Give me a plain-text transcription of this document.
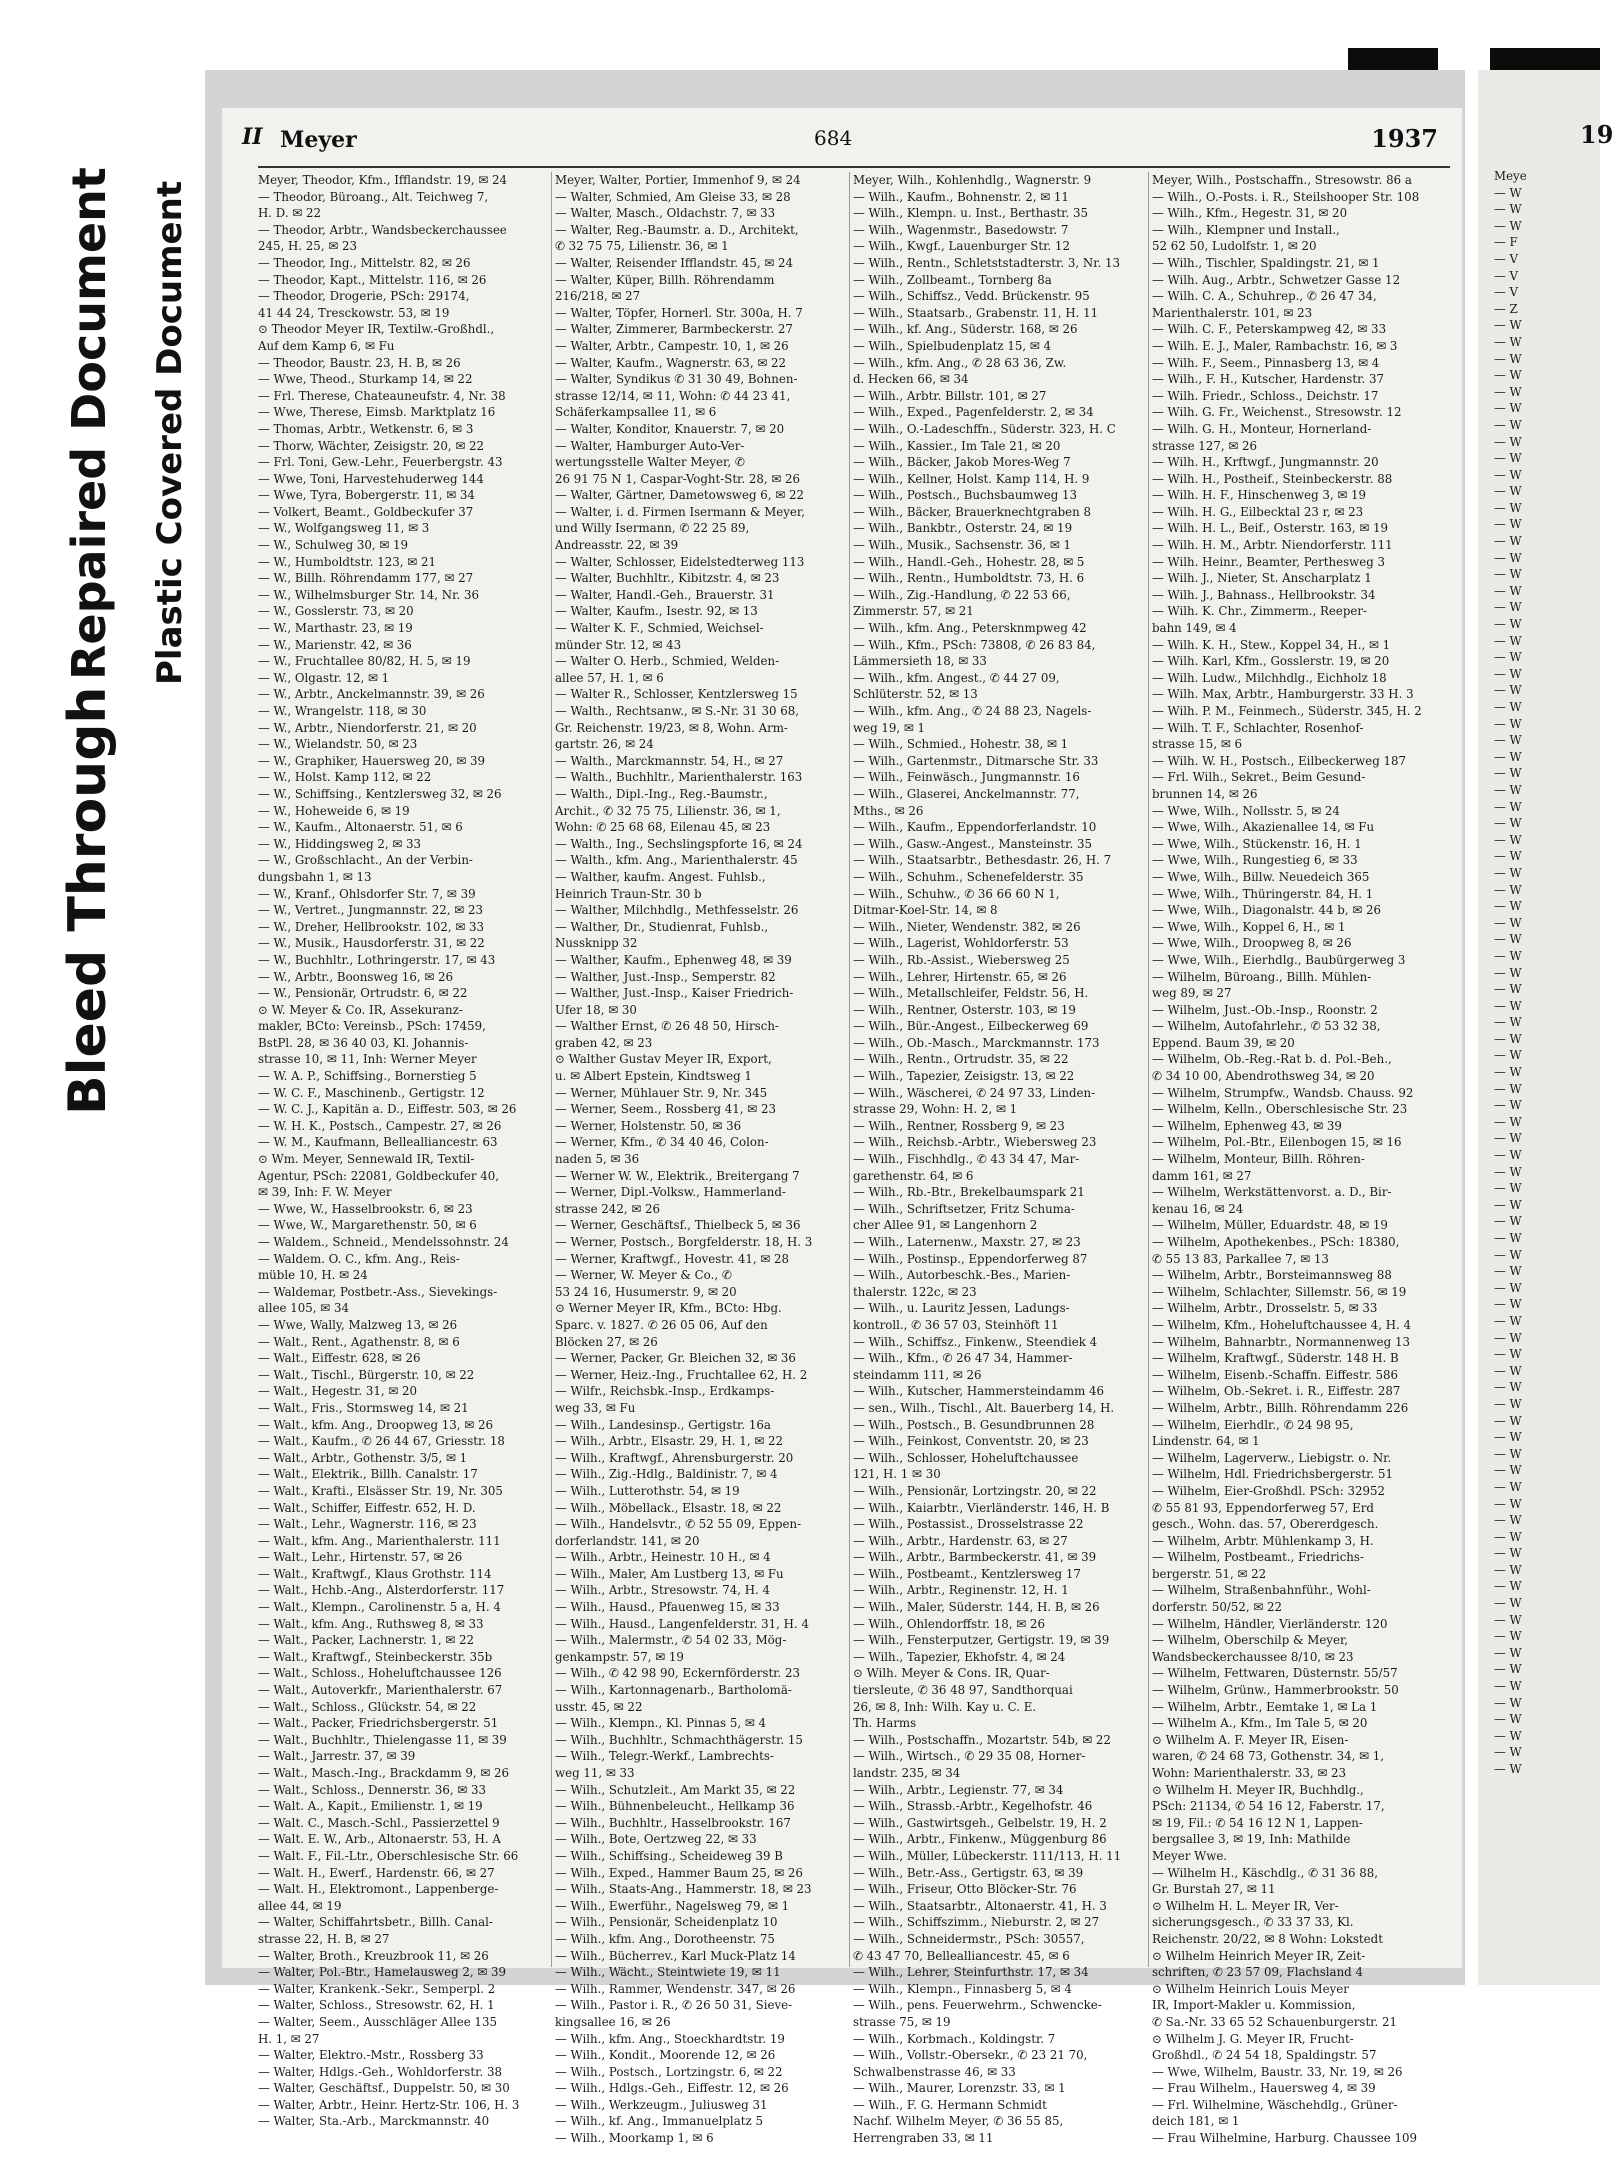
Bleed Through
Repaired Document Plastic Covered Document
19
Meye
— W
— W
— W
— F
— V
— V
— V
— Z
— W
— W
— W
— W
— W
— W
— W
— W
— W
— W
— W
— W
— W
— W
— W
— W
— W
— W
— W
— W
— W
— W
— W
— W
— W
— W
— W
— W
— W
— W
— W
— W
— W
— W
— W
— W
— W
— W
— W
— W
— W
— W
— W
— W
— W
— W
— W
— W
— W
— W
— W
— W
— W
— W
— W
— W
— W
— W
— W
— W
— W
— W
— W
— W
— W
— W
— W
— W
— W
— W
— W
— W
— W
— W
— W
— W
— W
— W
— W
— W
— W
— W
— W
— W
— W
— W
— W
— W
II Meyer	684	1937
Meyer, Theodor, Kfm., Ifflandstr. 19, ✉ 24
— Theodor, Büroang., Alt. Teichweg 7,
H. D. ✉ 22
— Theodor, Arbtr., Wandsbeckerchaussee
245, H. 25, ✉ 23
— Theodor, Ing., Mittelstr. 82, ✉ 26
— Theodor, Kapt., Mittelstr. 116, ✉ 26
— Theodor, Drogerie, PSch: 29174,
41 44 24, Tresckowstr. 53, ✉ 19
⊙ Theodor Meyer IR, Textilw.-Großhdl.,
Auf dem Kamp 6, ✉ Fu
— Theodor, Baustr. 23, H. B, ✉ 26
— Wwe, Theod., Sturkamp 14, ✉ 22
— Frl. Therese, Chateauneufstr. 4, Nr. 38
— Wwe, Therese, Eimsb. Marktplatz 16
— Thomas, Arbtr., Wetkenstr. 6, ✉ 3
— Thorw, Wächter, Zeisigstr. 20, ✉ 22
— Frl. Toni, Gew.-Lehr., Feuerbergstr. 43
— Wwe, Toni, Harvestehuderweg 144
— Wwe, Tyra, Bobergerstr. 11, ✉ 34
— Volkert, Beamt., Goldbeckufer 37
— W., Wolfgangsweg 11, ✉ 3
— W., Schulweg 30, ✉ 19
— W., Humboldtstr. 123, ✉ 21
— W., Billh. Röhrendamm 177, ✉ 27
— W., Wilhelmsburger Str. 14, Nr. 36
— W., Gosslerstr. 73, ✉ 20
— W., Marthastr. 23, ✉ 19
— W., Marienstr. 42, ✉ 36
— W., Fruchtallee 80/82, H. 5, ✉ 19
— W., Olgastr. 12, ✉ 1
— W., Arbtr., Anckelmannstr. 39, ✉ 26
— W., Wrangelstr. 118, ✉ 30
— W., Arbtr., Niendorferstr. 21, ✉ 20
— W., Wielandstr. 50, ✉ 23
— W., Graphiker, Hauersweg 20, ✉ 39
— W., Holst. Kamp 112, ✉ 22
— W., Schiffsing., Kentzlersweg 32, ✉ 26
— W., Hoheweide 6, ✉ 19
— W., Kaufm., Altonaerstr. 51, ✉ 6
— W., Hiddingsweg 2, ✉ 33
— W., Großschlacht., An der Verbin-
dungsbahn 1, ✉ 13
— W., Kranf., Ohlsdorfer Str. 7, ✉ 39
— W., Vertret., Jungmannstr. 22, ✉ 23
— W., Dreher, Hellbrookstr. 102, ✉ 33
— W., Musik., Hausdorferstr. 31, ✉ 22
— W., Buchhltr., Lothringerstr. 17, ✉ 43
— W., Arbtr., Boonsweg 16, ✉ 26
— W., Pensionär, Ortrudstr. 6, ✉ 22
⊙ W. Meyer & Co. IR, Assekuranz-
makler, BCto: Vereinsb., PSch: 17459,
BstPl. 28, ✉ 36 40 03, Kl. Johannis-
strasse 10, ✉ 11, Inh: Werner Meyer
— W. A. P., Schiffsing., Bornerstieg 5
— W. C. F., Maschinenb., Gertigstr. 12
— W. C. J., Kapitän a. D., Eiffestr. 503, ✉ 26
— W. H. K., Postsch., Campestr. 27, ✉ 26
— W. M., Kaufmann, Bellealliancestr. 63
⊙ Wm. Meyer, Sennewald IR, Textil-
Agentur, PSch: 22081, Goldbeckufer 40,
✉ 39, Inh: F. W. Meyer
— Wwe, W., Hasselbrookstr. 6, ✉ 23
— Wwe, W., Margarethenstr. 50, ✉ 6
— Waldem., Schneid., Mendelssohnstr. 24
— Waldem. O. C., kfm. Ang., Reis-
müble 10, H. ✉ 24
— Waldemar, Postbetr.-Ass., Sievekings-
allee 105, ✉ 34
— Wwe, Wally, Malzweg 13, ✉ 26
— Walt., Rent., Agathenstr. 8, ✉ 6
— Walt., Eiffestr. 628, ✉ 26
— Walt., Tischl., Bürgerstr. 10, ✉ 22
— Walt., Hegestr. 31, ✉ 20
— Walt., Fris., Stormsweg 14, ✉ 21
— Walt., kfm. Ang., Droopweg 13, ✉ 26
— Walt., Kaufm., ✆ 26 44 67, Griesstr. 18
— Walt., Arbtr., Gothenstr. 3/5, ✉ 1
— Walt., Elektrik., Billh. Canalstr. 17
— Walt., Krafti., Elsässer Str. 19, Nr. 305
— Walt., Schiffer, Eiffestr. 652, H. D.
— Walt., Lehr., Wagnerstr. 116, ✉ 23
— Walt., kfm. Ang., Marienthalerstr. 111
— Walt., Lehr., Hirtenstr. 57, ✉ 26
— Walt., Kraftwgf., Klaus Grothstr. 114
— Walt., Hchb.-Ang., Alsterdorferstr. 117
— Walt., Klempn., Carolinenstr. 5 a, H. 4
— Walt., kfm. Ang., Ruthsweg 8, ✉ 33
— Walt., Packer, Lachnerstr. 1, ✉ 22
— Walt., Kraftwgf., Steinbeckerstr. 35b
— Walt., Schloss., Hoheluftchaussee 126
— Walt., Autoverkfr., Marienthalerstr. 67
— Walt., Schloss., Glückstr. 54, ✉ 22
— Walt., Packer, Friedrichsbergerstr. 51
— Walt., Buchhltr., Thielengasse 11, ✉ 39
— Walt., Jarrestr. 37, ✉ 39
— Walt., Masch.-Ing., Brackdamm 9, ✉ 26
— Walt., Schloss., Dennerstr. 36, ✉ 33
— Walt. A., Kapit., Emilienstr. 1, ✉ 19
— Walt. C., Masch.-Schl., Passierzettel 9
— Walt. E. W., Arb., Altonaerstr. 53, H. A
— Walt. F., Fil.-Ltr., Oberschlesische Str. 66
— Walt. H., Ewerf., Hardenstr. 66, ✉ 27
— Walt. H., Elektromont., Lappenberge-
allee 44, ✉ 19
— Walter, Schiffahrtsbetr., Billh. Canal-
strasse 22, H. B, ✉ 27
— Walter, Broth., Kreuzbrook 11, ✉ 26
— Walter, Pol.-Btr., Hamelausweg 2, ✉ 39
— Walter, Krankenk.-Sekr., Semperpl. 2
— Walter, Schloss., Stresowstr. 62, H. 1
— Walter, Seem., Ausschläger Allee 135
H. 1, ✉ 27
— Walter, Elektro.-Mstr., Rossberg 33
— Walter, Hdlgs.-Geh., Wohldorferstr. 38
— Walter, Geschäftsf., Duppelstr. 50, ✉ 30
— Walter, Arbtr., Heinr. Hertz-Str. 106, H. 3
— Walter, Sta.-Arb., Marckmannstr. 40
Meyer, Walter, Portier, Immenhof 9, ✉ 24
— Walter, Schmied, Am Gleise 33, ✉ 28
— Walter, Masch., Oldachstr. 7, ✉ 33
— Walter, Reg.-Baumstr. a. D., Architekt,
✆ 32 75 75, Lilienstr. 36, ✉ 1
— Walter, Reisender Ifflandstr. 45, ✉ 24
— Walter, Küper, Billh. Röhrendamm
216/218, ✉ 27
— Walter, Töpfer, Hornerl. Str. 300a, H. 7
— Walter, Zimmerer, Barmbeckerstr. 27
— Walter, Arbtr., Campestr. 10, 1, ✉ 26
— Walter, Kaufm., Wagnerstr. 63, ✉ 22
— Walter, Syndikus ✆ 31 30 49, Bohnen-
strasse 12/14, ✉ 11, Wohn: ✆ 44 23 41,
Schäferkampsallee 11, ✉ 6
— Walter, Konditor, Knauerstr. 7, ✉ 20
— Walter, Hamburger Auto-Ver-
wertungsstelle Walter Meyer, ✆
26 91 75 N 1, Caspar-Voght-Str. 28, ✉ 26
— Walter, Gärtner, Dametowsweg 6, ✉ 22
— Walter, i. d. Firmen Isermann & Meyer,
und Willy Isermann, ✆ 22 25 89,
Andreasstr. 22, ✉ 39
— Walter, Schlosser, Eidelstedterweg 113
— Walter, Buchhltr., Kibitzstr. 4, ✉ 23
— Walter, Handl.-Geh., Brauerstr. 31
— Walter, Kaufm., Isestr. 92, ✉ 13
— Walter K. F., Schmied, Weichsel-
münder Str. 12, ✉ 43
— Walter O. Herb., Schmied, Welden-
allee 57, H. 1, ✉ 6
— Walter R., Schlosser, Kentzlersweg 15
— Walth., Rechtsanw., ✉ S.-Nr. 31 30 68,
Gr. Reichenstr. 19/23, ✉ 8, Wohn. Arm-
gartstr. 26, ✉ 24
— Walth., Marckmannstr. 54, H., ✉ 27
— Walth., Buchhltr., Marienthalerstr. 163
— Walth., Dipl.-Ing., Reg.-Baumstr.,
Archit., ✆ 32 75 75, Lilienstr. 36, ✉ 1,
Wohn: ✆ 25 68 68, Eilenau 45, ✉ 23
— Walth., Ing., Sechslingspforte 16, ✉ 24
— Walth., kfm. Ang., Marienthalerstr. 45
— Walther, kaufm. Angest. Fuhlsb.,
Heinrich Traun-Str. 30 b
— Walther, Milchhdlg., Methfesselstr. 26
— Walther, Dr., Studienrat, Fuhlsb.,
Nussknipp 32
— Walther, Kaufm., Ephenweg 48, ✉ 39
— Walther, Just.-Insp., Semperstr. 82
— Walther, Just.-Insp., Kaiser Friedrich-
Ufer 18, ✉ 30
— Walther Ernst, ✆ 26 48 50, Hirsch-
graben 42, ✉ 23
⊙ Walther Gustav Meyer IR, Export,
u. ✉ Albert Epstein, Kindtsweg 1
— Werner, Mühlauer Str. 9, Nr. 345
— Werner, Seem., Rossberg 41, ✉ 23
— Werner, Holstenstr. 50, ✉ 36
— Werner, Kfm., ✆ 34 40 46, Colon-
naden 5, ✉ 36
— Werner W. W., Elektrik., Breitergang 7
— Werner, Dipl.-Volksw., Hammerland-
strasse 242, ✉ 26
— Werner, Geschäftsf., Thielbeck 5, ✉ 36
— Werner, Postsch., Borgfelderstr. 18, H. 3
— Werner, Kraftwgf., Hovestr. 41, ✉ 28
— Werner, W. Meyer & Co., ✆
53 24 16, Husumerstr. 9, ✉ 20
⊙ Werner Meyer IR, Kfm., BCto: Hbg.
Sparc. v. 1827. ✆ 26 05 06, Auf den
Blöcken 27, ✉ 26
— Werner, Packer, Gr. Bleichen 32, ✉ 36
— Werner, Heiz.-Ing., Fruchtallee 62, H. 2
— Wilfr., Reichsbk.-Insp., Erdkamps-
weg 33, ✉ Fu
— Wilh., Landesinsp., Gertigstr. 16a
— Wilh., Arbtr., Elsastr. 29, H. 1, ✉ 22
— Wilh., Kraftwgf., Ahrensburgerstr. 20
— Wilh., Zig.-Hdlg., Baldinistr. 7, ✉ 4
— Wilh., Lutterothstr. 54, ✉ 19
— Wilh., Möbellack., Elsastr. 18, ✉ 22
— Wilh., Handelsvtr., ✆ 52 55 09, Eppen-
dorferlandstr. 141, ✉ 20
— Wilh., Arbtr., Heinestr. 10 H., ✉ 4
— Wilh., Maler, Am Lustberg 13, ✉ Fu
— Wilh., Arbtr., Stresowstr. 74, H. 4
— Wilh., Hausd., Pfauenweg 15, ✉ 33
— Wilh., Hausd., Langenfelderstr. 31, H. 4
— Wilh., Malermstr., ✆ 54 02 33, Mög-
genkampstr. 57, ✉ 19
— Wilh., ✆ 42 98 90, Eckernförderstr. 23
— Wilh., Kartonnagenarb., Bartholomä-
usstr. 45, ✉ 22
— Wilh., Klempn., Kl. Pinnas 5, ✉ 4
— Wilh., Buchhltr., Schmachthägerstr. 15
— Wilh., Telegr.-Werkf., Lambrechts-
weg 11, ✉ 33
— Wilh., Schutzleit., Am Markt 35, ✉ 22
— Wilh., Bühnenbeleucht., Hellkamp 36
— Wilh., Buchhltr., Hasselbrookstr. 167
— Wilh., Bote, Oertzweg 22, ✉ 33
— Wilh., Schiffsing., Scheideweg 39 B
— Wilh., Exped., Hammer Baum 25, ✉ 26
— Wilh., Staats-Ang., Hammerstr. 18, ✉ 23
— Wilh., Ewerführ., Nagelsweg 79, ✉ 1
— Wilh., Pensionär, Scheidenplatz 10
— Wilh., kfm. Ang., Dorotheenstr. 75
— Wilh., Bücherrev., Karl Muck-Platz 14
— Wilh., Wächt., Steintwiete 19, ✉ 11
— Wilh., Rammer, Wendenstr. 347, ✉ 26
— Wilh., Pastor i. R., ✆ 26 50 31, Sieve-
kingsallee 16, ✉ 26
— Wilh., kfm. Ang., Stoeckhardtstr. 19
— Wilh., Kondit., Moorende 12, ✉ 26
— Wilh., Postsch., Lortzingstr. 6, ✉ 22
— Wilh., Hdlgs.-Geh., Eiffestr. 12, ✉ 26
— Wilh., Werkzeugm., Juliusweg 31
— Wilh., kf. Ang., Immanuelplatz 5
— Wilh., Moorkamp 1, ✉ 6
Meyer, Wilh., Kohlenhdlg., Wagnerstr. 9
— Wilh., Kaufm., Bohnenstr. 2, ✉ 11
— Wilh., Klempn. u. Inst., Berthastr. 35
— Wilh., Wagenmstr., Basedowstr. 7
— Wilh., Kwgf., Lauenburger Str. 12
— Wilh., Rentn., Schletststadterstr. 3, Nr. 13
— Wilh., Zollbeamt., Tornberg 8a
— Wilh., Schiffsz., Vedd. Brückenstr. 95
— Wilh., Staatsarb., Grabenstr. 11, H. 11
— Wilh., kf. Ang., Süderstr. 168, ✉ 26
— Wilh., Spielbudenplatz 15, ✉ 4
— Wilh., kfm. Ang., ✆ 28 63 36, Zw.
d. Hecken 66, ✉ 34
— Wilh., Arbtr. Billstr. 101, ✉ 27
— Wilh., Exped., Pagenfelderstr. 2, ✉ 34
— Wilh., O.-Ladeschffn., Süderstr. 323, H. C
— Wilh., Kassier., Im Tale 21, ✉ 20
— Wilh., Bäcker, Jakob Mores-Weg 7
— Wilh., Kellner, Holst. Kamp 114, H. 9
— Wilh., Postsch., Buchsbaumweg 13
— Wilh., Bäcker, Brauerknechtgraben 8
— Wilh., Bankbtr., Osterstr. 24, ✉ 19
— Wilh., Musik., Sachsenstr. 36, ✉ 1
— Wilh., Handl.-Geh., Hohestr. 28, ✉ 5
— Wilh., Rentn., Humboldtstr. 73, H. 6
— Wilh., Zig.-Handlung, ✆ 22 53 66,
Zimmerstr. 57, ✉ 21
— Wilh., kfm. Ang., Petersknmpweg 42
— Wilh., Kfm., PSch: 73808, ✆ 26 83 84,
Lämmersieth 18, ✉ 33
— Wilh., kfm. Angest., ✆ 44 27 09,
Schlüterstr. 52, ✉ 13
— Wilh., kfm. Ang., ✆ 24 88 23, Nagels-
weg 19, ✉ 1
— Wilh., Schmied., Hohestr. 38, ✉ 1
— Wilh., Gartenmstr., Ditmarsche Str. 33
— Wilh., Feinwäsch., Jungmannstr. 16
— Wilh., Glaserei, Anckelmannstr. 77,
Mths., ✉ 26
— Wilh., Kaufm., Eppendorferlandstr. 10
— Wilh., Gasw.-Angest., Mansteinstr. 35
— Wilh., Staatsarbtr., Bethesdastr. 26, H. 7
— Wilh., Schuhm., Schenefelderstr. 35
— Wilh., Schuhw., ✆ 36 66 60 N 1,
Ditmar-Koel-Str. 14, ✉ 8
— Wilh., Nieter, Wendenstr. 382, ✉ 26
— Wilh., Lagerist, Wohldorferstr. 53
— Wilh., Rb.-Assist., Wiebersweg 25
— Wilh., Lehrer, Hirtenstr. 65, ✉ 26
— Wilh., Metallschleifer, Feldstr. 56, H.
— Wilh., Rentner, Osterstr. 103, ✉ 19
— Wilh., Bür.-Angest., Eilbeckerweg 69
— Wilh., Ob.-Masch., Marckmannstr. 173
— Wilh., Rentn., Ortrudstr. 35, ✉ 22
— Wilh., Tapezier, Zeisigstr. 13, ✉ 22
— Wilh., Wäscherei, ✆ 24 97 33, Linden-
strasse 29, Wohn: H. 2, ✉ 1
— Wilh., Rentner, Rossberg 9, ✉ 23
— Wilh., Reichsb.-Arbtr., Wiebersweg 23
— Wilh., Fischhdlg., ✆ 43 34 47, Mar-
garethenstr. 64, ✉ 6
— Wilh., Rb.-Btr., Brekelbaumspark 21
— Wilh., Schriftsetzer, Fritz Schuma-
cher Allee 91, ✉ Langenhorn 2
— Wilh., Laternenw., Maxstr. 27, ✉ 23
— Wilh., Postinsp., Eppendorferweg 87
— Wilh., Autorbeschk.-Bes., Marien-
thalerstr. 122c, ✉ 23
— Wilh., u. Lauritz Jessen, Ladungs-
kontroll., ✆ 36 57 03, Steinhöft 11
— Wilh., Schiffsz., Finkenw., Steendiek 4
— Wilh., Kfm., ✆ 26 47 34, Hammer-
steindamm 111, ✉ 26
— Wilh., Kutscher, Hammersteindamm 46
— sen., Wilh., Tischl., Alt. Bauerberg 14, H.
— Wilh., Postsch., B. Gesundbrunnen 28
— Wilh., Feinkost, Conventstr. 20, ✉ 23
— Wilh., Schlosser, Hoheluftchaussee
121, H. 1 ✉ 30
— Wilh., Pensionär, Lortzingstr. 20, ✉ 22
— Wilh., Kaiarbtr., Vierländerstr. 146, H. B
— Wilh., Postassist., Drosselstrasse 22
— Wilh., Arbtr., Hardenstr. 63, ✉ 27
— Wilh., Arbtr., Barmbeckerstr. 41, ✉ 39
— Wilh., Postbeamt., Kentzlersweg 17
— Wilh., Arbtr., Reginenstr. 12, H. 1
— Wilh., Maler, Süderstr. 144, H. B, ✉ 26
— Wilh., Ohlendorffstr. 18, ✉ 26
— Wilh., Fensterputzer, Gertigstr. 19, ✉ 39
— Wilh., Tapezier, Ekhofstr. 4, ✉ 24
⊙ Wilh. Meyer & Cons. IR, Quar-
tiersleute, ✆ 36 48 97, Sandthorquai
26, ✉ 8, Inh: Wilh. Kay u. C. E.
Th. Harms
— Wilh., Postschaffn., Mozartstr. 54b, ✉ 22
— Wilh., Wirtsch., ✆ 29 35 08, Horner-
landstr. 235, ✉ 34
— Wilh., Arbtr., Legienstr. 77, ✉ 34
— Wilh., Strassb.-Arbtr., Kegelhofstr. 46
— Wilh., Gastwirtsgeh., Gelbelstr. 19, H. 2
— Wilh., Arbtr., Finkenw., Müggenburg 86
— Wilh., Müller, Lübeckerstr. 111/113, H. 11
— Wilh., Betr.-Ass., Gertigstr. 63, ✉ 39
— Wilh., Friseur, Otto Blöcker-Str. 76
— Wilh., Staatsarbtr., Altonaerstr. 41, H. 3
— Wilh., Schiffszimm., Nieburstr. 2, ✉ 27
— Wilh., Schneidermstr., PSch: 30557,
✆ 43 47 70, Bellealliancestr. 45, ✉ 6
— Wilh., Lehrer, Steinfurthstr. 17, ✉ 34
— Wilh., Klempn., Finnasberg 5, ✉ 4
— Wilh., pens. Feuerwehrm., Schwencke-
strasse 75, ✉ 19
— Wilh., Korbmach., Koldingstr. 7
— Wilh., Vollstr.-Obersekr., ✆ 23 21 70,
Schwalbenstrasse 46, ✉ 33
— Wilh., Maurer, Lorenzstr. 33, ✉ 1
— Wilh., F. G. Hermann Schmidt
Nachf. Wilhelm Meyer, ✆ 36 55 85,
Herrengraben 33, ✉ 11
Meyer, Wilh., Postschaffn., Stresowstr. 86 a
— Wilh., O.-Posts. i. R., Steilshooper Str. 108
— Wilh., Kfm., Hegestr. 31, ✉ 20
— Wilh., Klempner und Install.,
52 62 50, Ludolfstr. 1, ✉ 20
— Wilh., Tischler, Spaldingstr. 21, ✉ 1
— Wilh. Aug., Arbtr., Schwetzer Gasse 12
— Wilh. C. A., Schuhrep., ✆ 26 47 34,
Marienthalerstr. 101, ✉ 23
— Wilh. C. F., Peterskampweg 42, ✉ 33
— Wilh. E. J., Maler, Rambachstr. 16, ✉ 3
— Wilh. F., Seem., Pinnasberg 13, ✉ 4
— Wilh., F. H., Kutscher, Hardenstr. 37
— Wilh. Friedr., Schloss., Deichstr. 17
— Wilh. G. Fr., Weichenst., Stresowstr. 12
— Wilh. G. H., Monteur, Hornerland-
strasse 127, ✉ 26
— Wilh. H., Krftwgf., Jungmannstr. 20
— Wilh. H., Postheif., Steinbeckerstr. 88
— Wilh. H. F., Hinschenweg 3, ✉ 19
— Wilh. H. G., Eilbecktal 23 r, ✉ 23
— Wilh. H. L., Beif., Osterstr. 163, ✉ 19
— Wilh. H. M., Arbtr. Niendorferstr. 111
— Wilh. Heinr., Beamter, Perthesweg 3
— Wilh. J., Nieter, St. Anscharplatz 1
— Wilh. J., Bahnass., Hellbrookstr. 34
— Wilh. K. Chr., Zimmerm., Reeper-
bahn 149, ✉ 4
— Wilh. K. H., Stew., Koppel 34, H., ✉ 1
— Wilh. Karl, Kfm., Gosslerstr. 19, ✉ 20
— Wilh. Ludw., Milchhdlg., Eichholz 18
— Wilh. Max, Arbtr., Hamburgerstr. 33 H. 3
— Wilh. P. M., Feinmech., Süderstr. 345, H. 2
— Wilh. T. F., Schlachter, Rosenhof-
strasse 15, ✉ 6
— Wilh. W. H., Postsch., Eilbeckerweg 187
— Frl. Wilh., Sekret., Beim Gesund-
brunnen 14, ✉ 26
— Wwe, Wilh., Nollsstr. 5, ✉ 24
— Wwe, Wilh., Akazienallee 14, ✉ Fu
— Wwe, Wilh., Stückenstr. 16, H. 1
— Wwe, Wilh., Rungestieg 6, ✉ 33
— Wwe, Wilh., Billw. Neuedeich 365
— Wwe, Wilh., Thüringerstr. 84, H. 1
— Wwe, Wilh., Diagonalstr. 44 b, ✉ 26
— Wwe, Wilh., Koppel 6, H., ✉ 1
— Wwe, Wilh., Droopweg 8, ✉ 26
— Wwe, Wilh., Eierhdlg., Baubürgerweg 3
— Wilhelm, Büroang., Billh. Mühlen-
weg 89, ✉ 27
— Wilhelm, Just.-Ob.-Insp., Roonstr. 2
— Wilhelm, Autofahrlehr., ✆ 53 32 38,
Eppend. Baum 39, ✉ 20
— Wilhelm, Ob.-Reg.-Rat b. d. Pol.-Beh.,
✆ 34 10 00, Abendrothsweg 34, ✉ 20
— Wilhelm, Strumpfw., Wandsb. Chauss. 92
— Wilhelm, Kelln., Oberschlesische Str. 23
— Wilhelm, Ephenweg 43, ✉ 39
— Wilhelm, Pol.-Btr., Eilenbogen 15, ✉ 16
— Wilhelm, Monteur, Billh. Röhren-
damm 161, ✉ 27
— Wilhelm, Werkstättenvorst. a. D., Bir-
kenau 16, ✉ 24
— Wilhelm, Müller, Eduardstr. 48, ✉ 19
— Wilhelm, Apothekenbes., PSch: 18380,
✆ 55 13 83, Parkallee 7, ✉ 13
— Wilhelm, Arbtr., Borsteimannsweg 88
— Wilhelm, Schlachter, Sillemstr. 56, ✉ 19
— Wilhelm, Arbtr., Drosselstr. 5, ✉ 33
— Wilhelm, Kfm., Hoheluftchaussee 4, H. 4
— Wilhelm, Bahnarbtr., Normannenweg 13
— Wilhelm, Kraftwgf., Süderstr. 148 H. B
— Wilhelm, Eisenb.-Schaffn. Eiffestr. 586
— Wilhelm, Ob.-Sekret. i. R., Eiffestr. 287
— Wilhelm, Arbtr., Billh. Röhrendamm 226
— Wilhelm, Eierhdlr., ✆ 24 98 95,
Lindenstr. 64, ✉ 1
— Wilhelm, Lagerverw., Liebigstr. o. Nr.
— Wilhelm, Hdl. Friedrichsbergerstr. 51
— Wilhelm, Eier-Großhdl. PSch: 32952
✆ 55 81 93, Eppendorferweg 57, Erd
gesch., Wohn. das. 57, Obererdgesch.
— Wilhelm, Arbtr. Mühlenkamp 3, H.
— Wilhelm, Postbeamt., Friedrichs-
bergerstr. 51, ✉ 22
— Wilhelm, Straßenbahnführ., Wohl-
dorferstr. 50/52, ✉ 22
— Wilhelm, Händler, Vierländerstr. 120
— Wilhelm, Oberschilp & Meyer,
Wandsbeckerchaussee 8/10, ✉ 23
— Wilhelm, Fettwaren, Düsternstr. 55/57
— Wilhelm, Grünw., Hammerbrookstr. 50
— Wilhelm, Arbtr., Eemtake 1, ✉ La 1
— Wilhelm A., Kfm., Im Tale 5, ✉ 20
⊙ Wilhelm A. F. Meyer IR, Eisen-
waren, ✆ 24 68 73, Gothenstr. 34, ✉ 1,
Wohn: Marienthalerstr. 33, ✉ 23
⊙ Wilhelm H. Meyer IR, Buchhdlg.,
PSch: 21134, ✆ 54 16 12, Faberstr. 17,
✉ 19, Fil.: ✆ 54 16 12 N 1, Lappen-
bergsallee 3, ✉ 19, Inh: Mathilde
Meyer Wwe.
— Wilhelm H., Käschdlg., ✆ 31 36 88,
Gr. Burstah 27, ✉ 11
⊙ Wilhelm H. L. Meyer IR, Ver-
sicherungsgesch., ✆ 33 37 33, Kl.
Reichenstr. 20/22, ✉ 8 Wohn: Lokstedt
⊙ Wilhelm Heinrich Meyer IR, Zeit-
schriften, ✆ 23 57 09, Flachsland 4
⊙ Wilhelm Heinrich Louis Meyer
IR, Import-Makler u. Kommission,
✆ Sa.-Nr. 33 65 52 Schauenburgerstr. 21
⊙ Wilhelm J. G. Meyer IR, Frucht-
Großhdl., ✆ 24 54 18, Spaldingstr. 57
— Wwe, Wilhelm, Baustr. 33, Nr. 19, ✉ 26
— Frau Wilhelm., Hauersweg 4, ✉ 39
— Frl. Wilhelmine, Wäschehdlg., Grüner-
deich 181, ✉ 1
— Frau Wilhelmine, Harburg. Chaussee 109
